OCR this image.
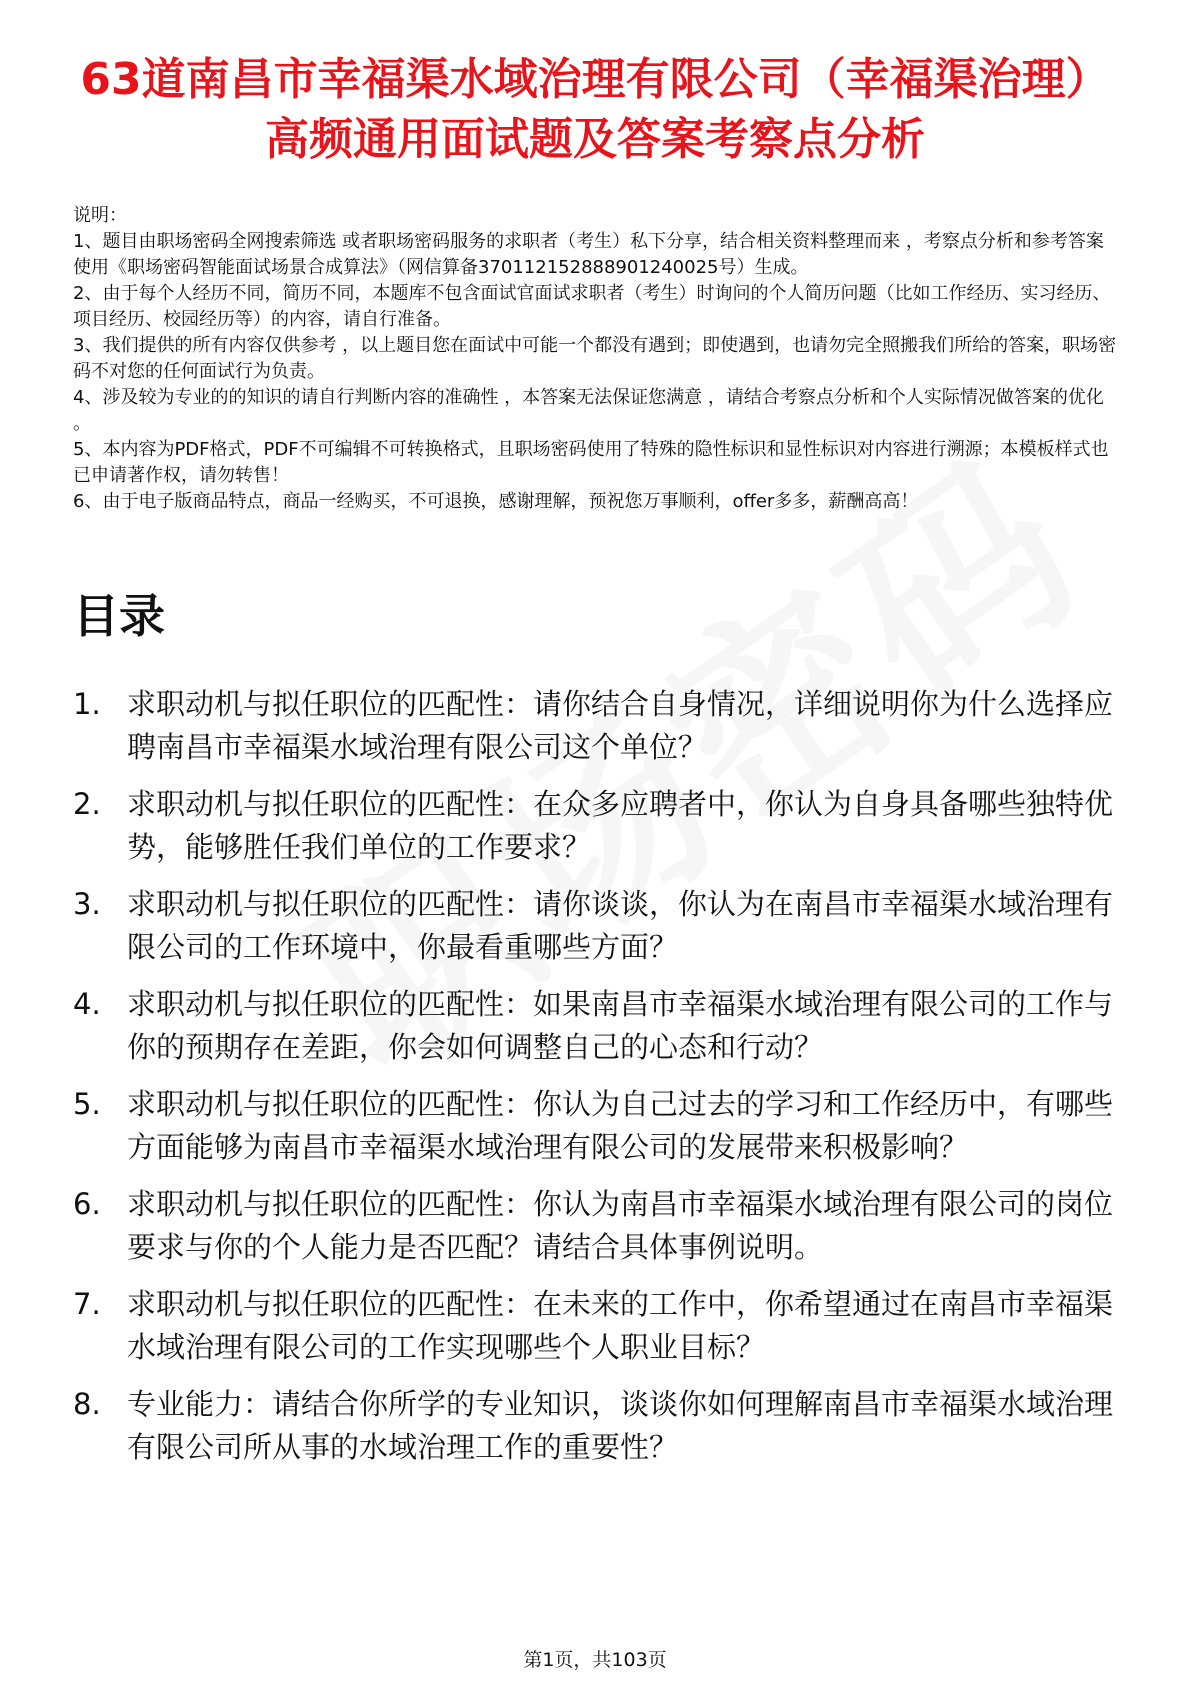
63道南昌市幸福渠水域治理有限公司（幸福渠治理）高频通用面试题及答案考察点分析
说明：
1、题目由职场密码全网搜索筛选 或者职场密码服务的求职者（考生）私下分享，结合相关资料整理而来 ，考察点分析和参考答案使用《职场密码智能面试场景合成算法》（网信算备370112152888901240025号）生成。
2、由于每个人经历不同，简历不同，本题库不包含面试官面试求职者（考生）时询问的个人简历问题（比如工作经历、实习经历、项目经历、校园经历等）的内容，请自行准备。
3、我们提供的所有内容仅供参考 ，以上题目您在面试中可能一个都没有遇到；即使遇到，也请勿完全照搬我们所给的答案，职场密码不对您的任何面试行为负责。
4、涉及较为专业的的知识的请自行判断内容的准确性 ，本答案无法保证您满意 ，请结合考察点分析和个人实际情况做答案的优化 。
5、本内容为PDF格式，PDF不可编辑不可转换格式，且职场密码使用了特殊的隐性标识和显性标识对内容进行溯源；本模板样式也已申请著作权，请勿转售！
6、由于电子版商品特点，商品一经购买，不可退换，感谢理解，预祝您万事顺利，offer多多，薪酬高高！
目录
1. 求职动机与拟任职位的匹配性：请你结合自身情况，详细说明你为什么选择应聘南昌市幸福渠水域治理有限公司这个单位？
2. 求职动机与拟任职位的匹配性：在众多应聘者中，你认为自身具备哪些独特优势，能够胜任我们单位的工作要求？
3. 求职动机与拟任职位的匹配性：请你谈谈，你认为在南昌市幸福渠水域治理有限公司的工作环境中，你最看重哪些方面？
4. 求职动机与拟任职位的匹配性：如果南昌市幸福渠水域治理有限公司的工作与你的预期存在差距，你会如何调整自己的心态和行动？
5. 求职动机与拟任职位的匹配性：你认为自己过去的学习和工作经历中，有哪些方面能够为南昌市幸福渠水域治理有限公司的发展带来积极影响？
6. 求职动机与拟任职位的匹配性：你认为南昌市幸福渠水域治理有限公司的岗位要求与你的个人能力是否匹配？请结合具体事例说明。
7. 求职动机与拟任职位的匹配性：在未来的工作中，你希望通过在南昌市幸福渠水域治理有限公司的工作实现哪些个人职业目标？
8. 专业能力：请结合你所学的专业知识，谈谈你如何理解南昌市幸福渠水域治理有限公司所从事的水域治理工作的重要性？
第1页，共103页
